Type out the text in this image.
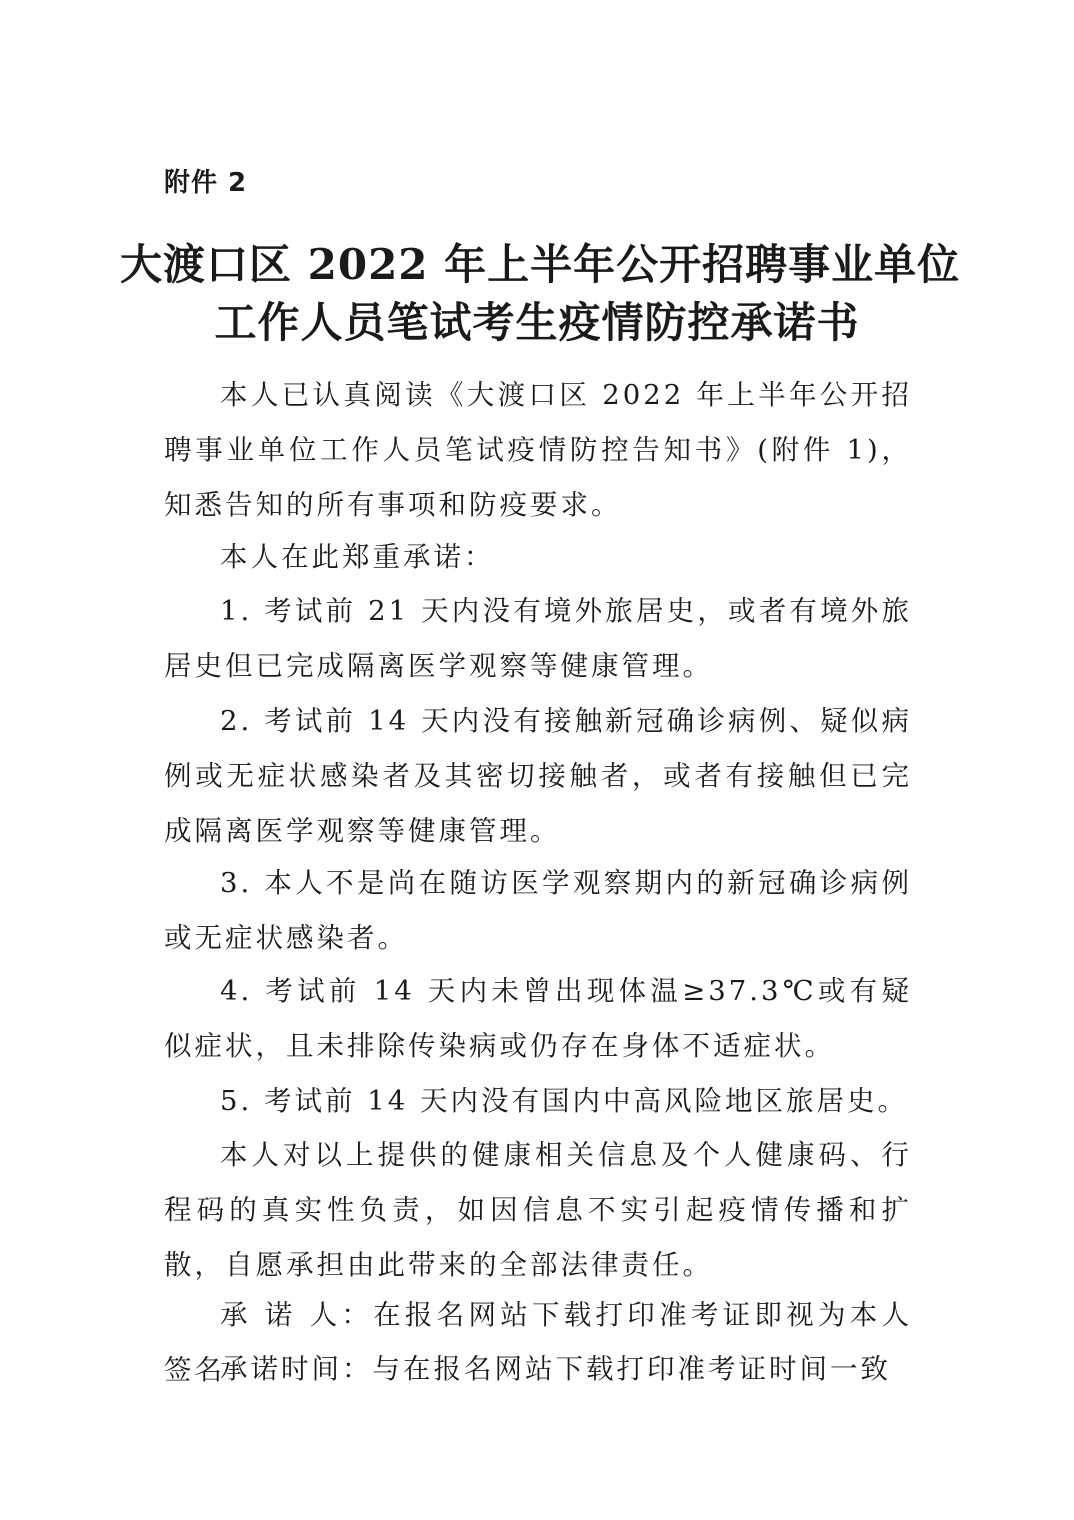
附件 2
大渡口区 2022 年上半年公开招聘事业单位
工作人员笔试考生疫情防控承诺书
本人已认真阅读《大渡口区 2022 年上半年公开招聘事业单位工作人员笔试疫情防控告知书》(附件 1)，知悉告知的所有事项和防疫要求。
本人在此郑重承诺：
1. 考试前 21 天内没有境外旅居史，或者有境外旅居史但已完成隔离医学观察等健康管理。
2. 考试前 14 天内没有接触新冠确诊病例、疑似病例或无症状感染者及其密切接触者，或者有接触但已完成隔离医学观察等健康管理。
3. 本人不是尚在随访医学观察期内的新冠确诊病例或无症状感染者。
4. 考试前 14 天内未曾出现体温≥37.3℃或有疑似症状，且未排除传染病或仍存在身体不适症状。
5. 考试前 14 天内没有国内中高风险地区旅居史。
本人对以上提供的健康相关信息及个人健康码、行程码的真实性负责，如因信息不实引起疫情传播和扩散，自愿承担由此带来的全部法律责任。
承 诺 人：在报名网站下载打印准考证即视为本人签名
承诺时间：与在报名网站下载打印准考证时间一致
